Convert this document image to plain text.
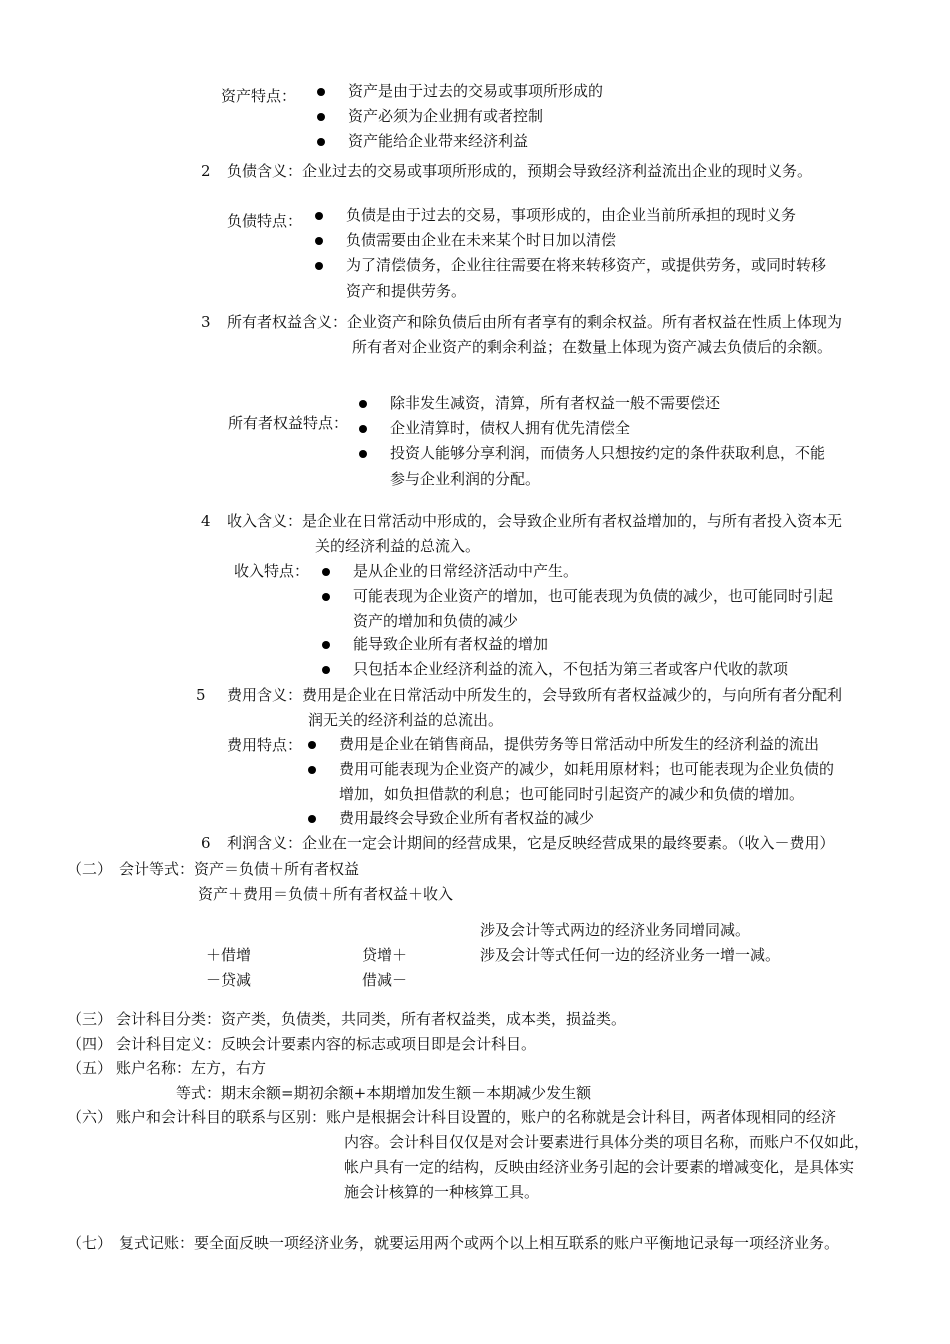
资产特点：	资产是由于过去的交易或事项所形成的
资产必须为企业拥有或者控制
资产能给企业带来经济利益
2 负债含义：企业过去的交易或事项所形成的，预期会导致经济利益流出企业的现时义务。
负债特点：	负债是由于过去的交易，事项形成的，由企业当前所承担的现时义务
负债需要由企业在未来某个时日加以清偿
为了清偿债务，企业往往需要在将来转移资产，或提供劳务，或同时转移
资产和提供劳务。
3 所有者权益含义：企业资产和除负债后由所有者享有的剩余权益。所有者权益在性质上体现为
所有者对企业资产的剩余利益；在数量上体现为资产减去负债后的余额。
所有者权益特点：
除非发生减资，清算，所有者权益一般不需要偿还
企业清算时，债权人拥有优先清偿全
投资人能够分享利润，而债务人只想按约定的条件获取利息，不能
参与企业利润的分配。
4 收入含义：是企业在日常活动中形成的，会导致企业所有者权益增加的，与所有者投入资本无
关的经济利益的总流入。
收入特点：	是从企业的日常经济活动中产生。
可能表现为企业资产的增加，也可能表现为负债的减少，也可能同时引起
资产的增加和负债的减少
能导致企业所有者权益的增加
只包括本企业经济利益的流入，不包括为第三者或客户代收的款项
5 费用含义：费用是企业在日常活动中所发生的，会导致所有者权益减少的，与向所有者分配利
润无关的经济利益的总流出。
费用特点： 费用是企业在销售商品，提供劳务等日常活动中所发生的经济利益的流出
费用可能表现为企业资产的减少，如耗用原材料；也可能表现为企业负债的
增加，如负担借款的利息；也可能同时引起资产的减少和负债的增加。
费用最终会导致企业所有者权益的减少
6 利润含义：企业在一定会计期间的经营成果，它是反映经营成果的最终要素。（收入－费用）
（二） 会计等式：资产＝负债＋所有者权益
资产＋费用＝负债＋所有者权益＋收入
涉及会计等式两边的经济业务同增同减。
＋借增	贷增＋	涉及会计等式任何一边的经济业务一增一减。
－贷减	借减－
（三） 会计科目分类：资产类，负债类，共同类，所有者权益类，成本类，损益类。
（四） 会计科目定义：反映会计要素内容的标志或项目即是会计科目。
（五） 账户名称：左方，右方
等式：期末余额=期初余额+本期增加发生额－本期减少发生额
（六） 账户和会计科目的联系与区别：账户是根据会计科目设置的，账户的名称就是会计科目，两者体现相同的经济
内容。会计科目仅仅是对会计要素进行具体分类的项目名称，而账户不仅如此，
帐户具有一定的结构，反映由经济业务引起的会计要素的增减变化，是具体实
施会计核算的一种核算工具。
（七） 复式记账：要全面反映一项经济业务，就要运用两个或两个以上相互联系的账户平衡地记录每一项经济业务。
